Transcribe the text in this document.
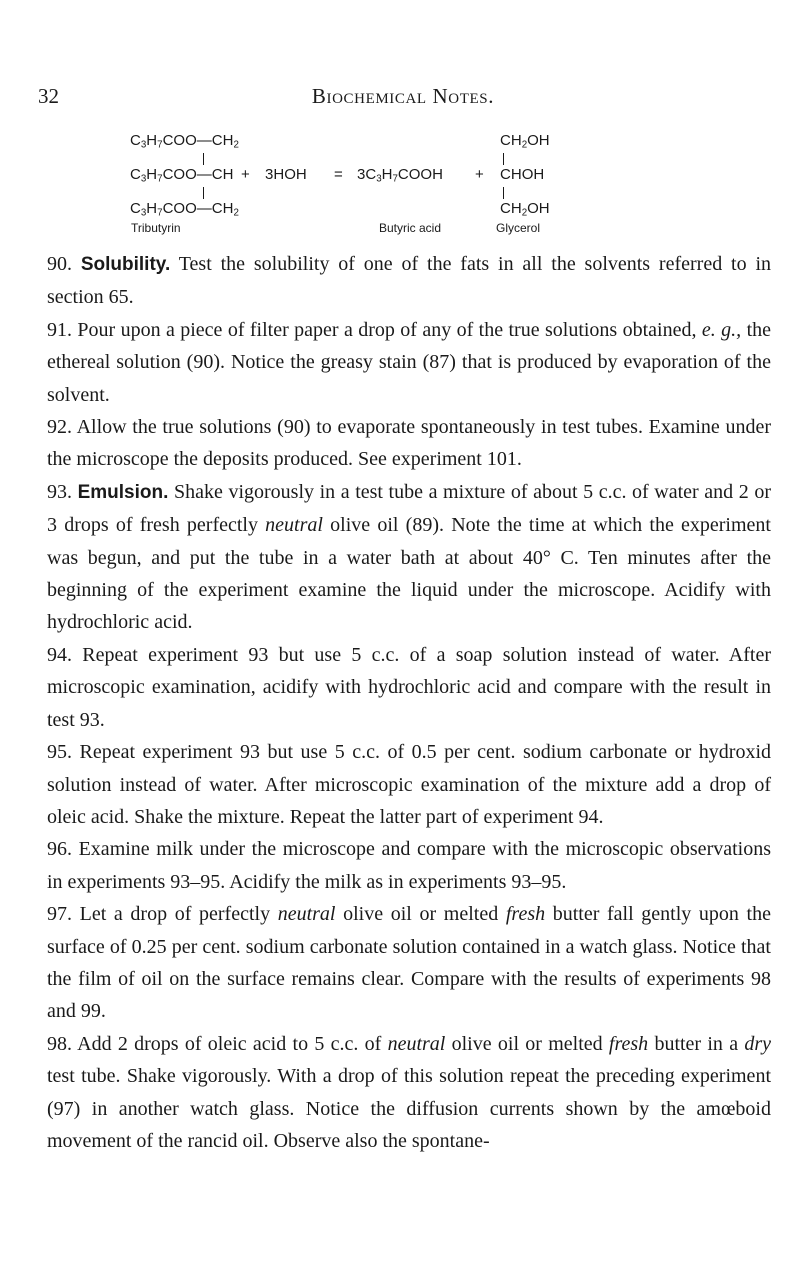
32	Biochemical Notes.
$C_3H_7COO—CH_2$
$C_3H_7COO—CH$
$C_3H_7COO—CH_2$
+ $3HOH = 3C_3H_7COOH$ +
$CH_2OH$
CHOH
$CH_2OH$
Tributyrin	Butyric acid	Glycerol

90. Solubility. Test the solubility of one of the fats in all the solvents referred to in section 65.

91. Pour upon a piece of filter paper a drop of any of the true solutions obtained, e. g., the ethereal solution (90). Notice the greasy stain (87) that is produced by evaporation of the solvent.

92. Allow the true solutions (90) to evaporate spontaneously in test tubes. Examine under the microscope the deposits produced. See experiment 101.

93. Emulsion. Shake vigorously in a test tube a mixture of about 5 c.c. of water and 2 or 3 drops of fresh perfectly neutral olive oil (89). Note the time at which the experiment was begun, and put the tube in a water bath at about 40° C. Ten minutes after the beginning of the experiment examine the liquid under the microscope. Acidify with hydrochloric acid.

94. Repeat experiment 93 but use 5 c.c. of a soap solution instead of water. After microscopic examination, acidify with hydrochloric acid and compare with the result in test 93.

95. Repeat experiment 93 but use 5 c.c. of 0.5 per cent. sodium carbonate or hydroxid solution instead of water. After microscopic examination of the mixture add a drop of oleic acid. Shake the mixture. Repeat the latter part of experiment 94.

96. Examine milk under the microscope and compare with the microscopic observations in experiments 93–95. Acidify the milk as in experiments 93–95.

97. Let a drop of perfectly neutral olive oil or melted fresh butter fall gently upon the surface of 0.25 per cent. sodium carbonate solution contained in a watch glass. Notice that the film of oil on the surface remains clear. Compare with the results of experiments 98 and 99.

98. Add 2 drops of oleic acid to 5 c.c. of neutral olive oil or melted fresh butter in a dry test tube. Shake vigorously. With a drop of this solution repeat the preceding experiment (97) in another watch glass. Notice the diffusion currents shown by the amœboid movement of the rancid oil. Observe also the spontane-
